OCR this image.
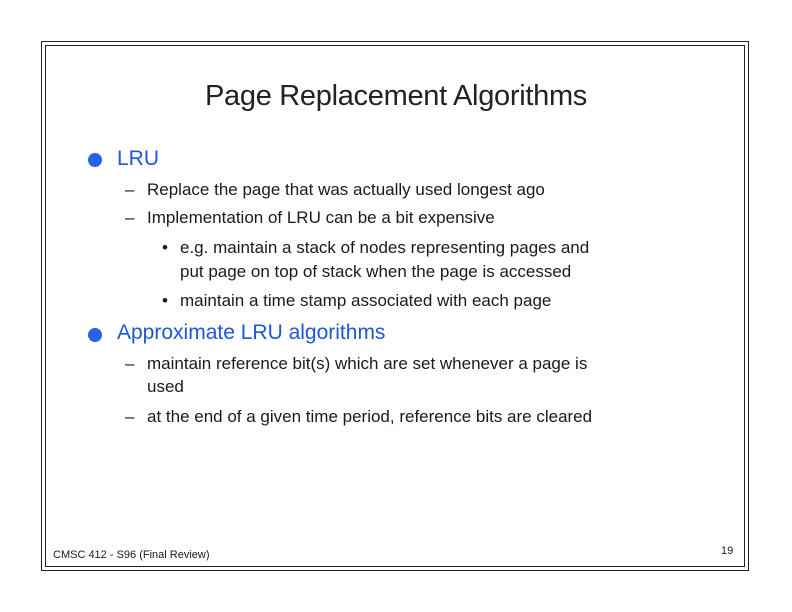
Page Replacement Algorithms
LRU
– Replace the page that was actually used longest ago
– Implementation of LRU can be a bit expensive
• e.g. maintain a stack of nodes representing pages and
put page on top of stack when the page is accessed
• maintain a time stamp associated with each page
Approximate LRU algorithms
– maintain reference bit(s) which are set whenever a page is
used
– at the end of a given time period, reference bits are cleared
CMSC 412 - S96 (Final Review)	19
